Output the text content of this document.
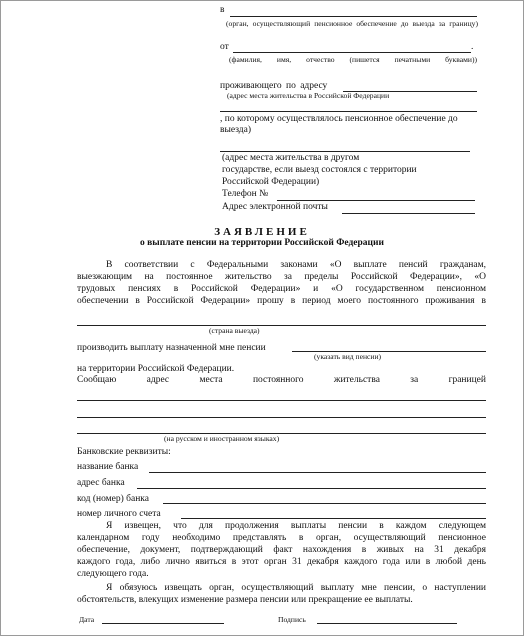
в
(орган, осуществляющий пенсионное обеспечение до выезда за границу)
от	.
(фамилия, имя, отчество (пишется печатными буквами))
проживающего по адресу
(адрес места жительства в Российской Федерации
, по которому осуществлялось пенсионное обеспечение до выезда)
(адрес места жительства в другом
государстве, если выезд состоялся с территории
Российской Федерации)
Телефон №
Адрес электронной почты
ЗАЯВЛЕНИЕ
о выплате пенсии на территории Российской Федерации
В соответствии с Федеральными законами «О выплате пенсий гражданам,
выезжающим на постоянное жительство за пределы Российской Федерации», «О
трудовых пенсиях в Российской Федерации» и «О государственном пенсионном
обеспечении в Российской Федерации» прошу в период моего постоянного проживания в
(страна выезда)
производить выплату назначенной мне пенсии
(указать вид пенсии)
на территории Российской Федерации.
Сообщаю	адрес	места	постоянного	жительства	за	границей
(на русском и иностранном языках)
Банковские реквизиты:
название банка
адрес банка
код (номер) банка
номер личного счета
Я извещен, что для продолжения выплаты пенсии в каждом следующем
календарном году необходимо представлять в орган, осуществляющий пенсионное
обеспечение, документ, подтверждающий факт нахождения в живых на 31 декабря
каждого года, либо лично явиться в этот орган 31 декабря каждого года или в любой день
следующего года.
Я обязуюсь извещать орган, осуществляющий выплату мне пенсии, о наступлении
обстоятельств, влекущих изменение размера пенсии или прекращение ее выплаты.
Дата	Подпись
